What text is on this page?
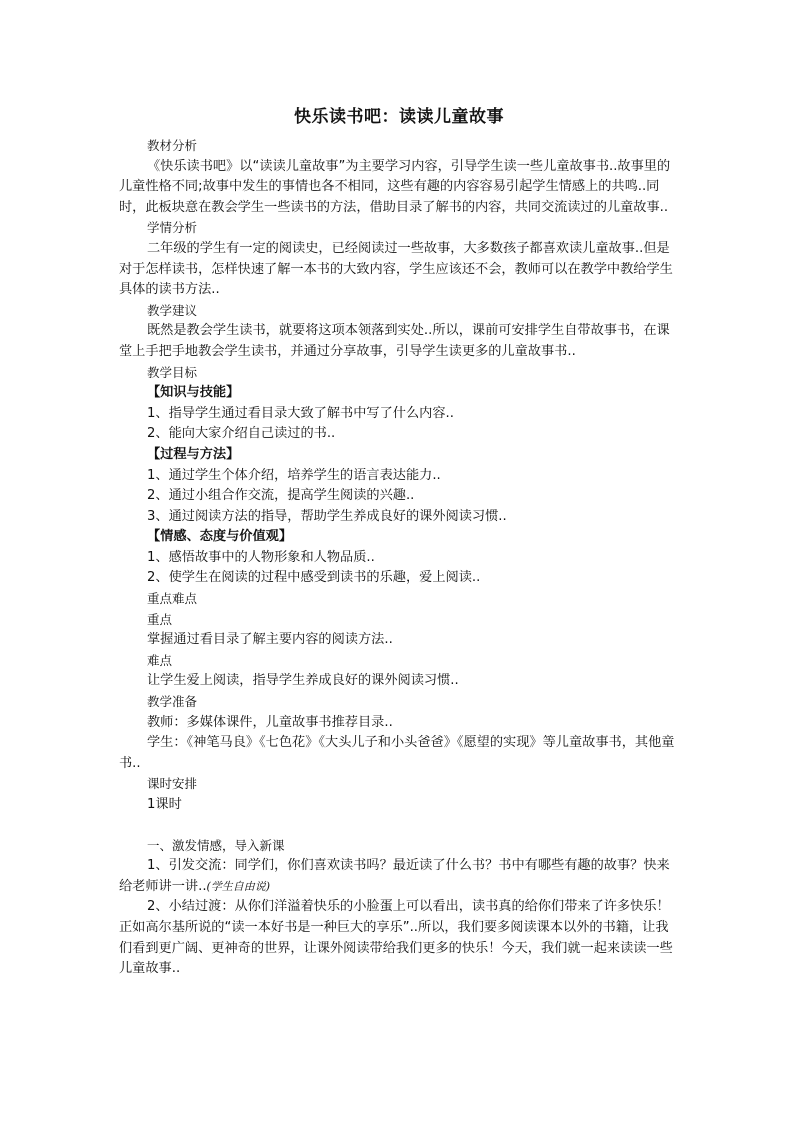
快乐读书吧：读读儿童故事

教材分析

《快乐读书吧》以“读读儿童故事”为主要学习内容，引导学生读一些儿童故事书..故事里的儿童性格不同;故事中发生的事情也各不相同，这些有趣的内容容易引起学生情感上的共鸣..同时，此板块意在教会学生一些读书的方法，借助目录了解书的内容，共同交流读过的儿童故事..

学情分析

二年级的学生有一定的阅读史，已经阅读过一些故事，大多数孩子都喜欢读儿童故事..但是对于怎样读书，怎样快速了解一本书的大致内容，学生应该还不会，教师可以在教学中教给学生具体的读书方法..

教学建议

既然是教会学生读书，就要将这项本领落到实处..所以，课前可安排学生自带故事书，在课堂上手把手地教会学生读书，并通过分享故事，引导学生读更多的儿童故事书..

教学目标

【知识与技能】

1、指导学生通过看目录大致了解书中写了什么内容..

2、能向大家介绍自己读过的书..

【过程与方法】

1、通过学生个体介绍，培养学生的语言表达能力..

2、通过小组合作交流，提高学生阅读的兴趣..

3、通过阅读方法的指导，帮助学生养成良好的课外阅读习惯..

【情感、态度与价值观】

1、感悟故事中的人物形象和人物品质..

2、使学生在阅读的过程中感受到读书的乐趣，爱上阅读..

重点难点

重点

掌握通过看目录了解主要内容的阅读方法..

难点

让学生爱上阅读，指导学生养成良好的课外阅读习惯..

教学准备

教师：多媒体课件，儿童故事书推荐目录..

学生：《神笔马良》《七色花》《大头儿子和小头爸爸》《愿望的实现》等儿童故事书，其他童书..

课时安排

1课时

一、激发情感，导入新课

1、引发交流：同学们，你们喜欢读书吗？最近读了什么书？书中有哪些有趣的故事？快来给老师讲一讲..(学生自由说)

2、小结过渡：从你们洋溢着快乐的小脸蛋上可以看出，读书真的给你们带来了许多快乐！正如高尔基所说的“读一本好书是一种巨大的享乐”..所以，我们要多阅读课本以外的书籍，让我们看到更广阔、更神奇的世界，让课外阅读带给我们更多的快乐！今天，我们就一起来读读一些儿童故事..
